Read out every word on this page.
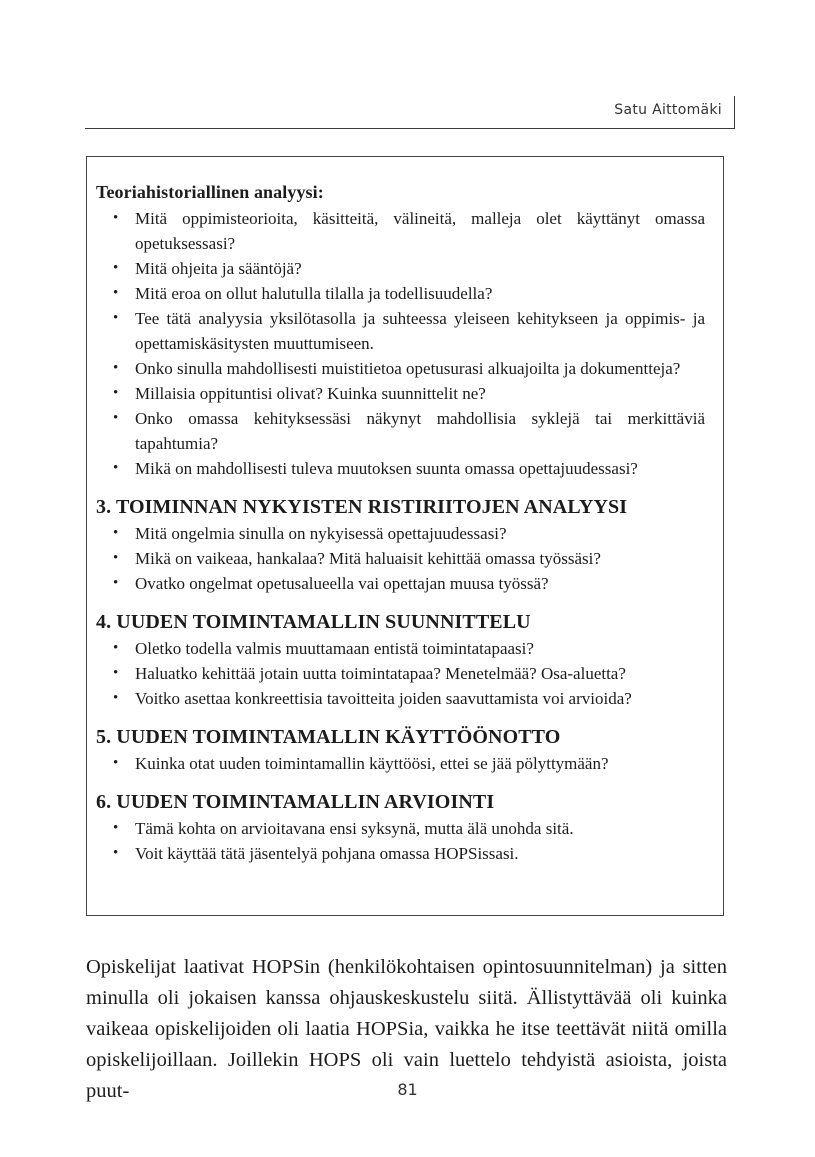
Satu Aittomäki

Teoriahistoriallinen analyysi:

• Mitä oppimisteorioita, käsitteitä, välineitä, malleja olet käyttänyt omassa opetuksessasi?
• Mitä ohjeita ja sääntöjä?
• Mitä eroa on ollut halutulla tilalla ja todellisuudella?
• Tee tätä analyysia yksilötasolla ja suhteessa yleiseen kehitykseen ja oppimis- ja opettamiskäsitysten muuttumiseen.
• Onko sinulla mahdollisesti muistitietoa opetusurasi alkuajoilta ja dokumentteja?
• Millaisia oppituntisi olivat? Kuinka suunnittelit ne?
• Onko omassa kehityksessäsi näkynyt mahdollisia syklejä tai merkittäviä tapahtumia?
• Mikä on mahdollisesti tuleva muutoksen suunta omassa opettajuudessasi?

3. TOIMINNAN NYKYISTEN RISTIRIITOJEN ANALYYSI

• Mitä ongelmia sinulla on nykyisessä opettajuudessasi?
• Mikä on vaikeaa, hankalaa? Mitä haluaisit kehittää omassa työssäsi?
• Ovatko ongelmat opetusalueella vai opettajan muusa työssä?

4. UUDEN TOIMINTAMALLIN SUUNNITTELU

• Oletko todella valmis muuttamaan entistä toimintatapaasi?
• Haluatko kehittää jotain uutta toimintatapaa? Menetelmää? Osa-aluetta?
• Voitko asettaa konkreettisia tavoitteita joiden saavuttamista voi arvioida?

5. UUDEN TOIMINTAMALLIN KÄYTTÖÖNOTTO

• Kuinka otat uuden toimintamallin käyttöösi, ettei se jää pölyttymään?

6. UUDEN TOIMINTAMALLIN ARVIOINTI

• Tämä kohta on arvioitavana ensi syksynä, mutta älä unohda sitä.
• Voit käyttää tätä jäsentelyä pohjana omassa HOPSissasi.

Opiskelijat laativat HOPSin (henkilökohtaisen opintosuunnitelman) ja sitten minulla oli jokaisen kanssa ohjauskeskustelu siitä. Ällistyttävää oli kuinka vaikeaa opiskelijoiden oli laatia HOPSia, vaikka he itse teettävät niitä omilla opiskelijoillaan. Joillekin HOPS oli vain luettelo tehdyistä asioista, joista puut-	81
